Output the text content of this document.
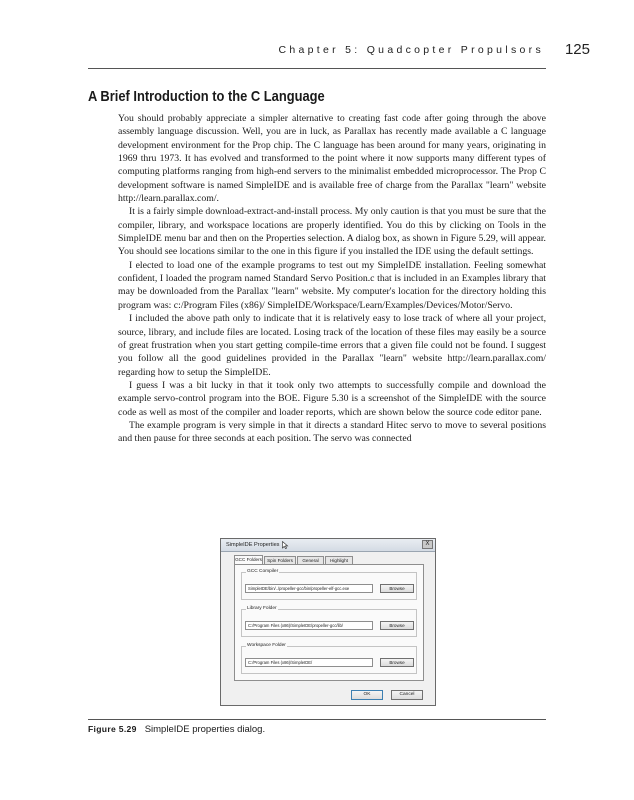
Chapter 5: Quadcopter Propulsors 125
A Brief Introduction to the C Language

You should probably appreciate a simpler alternative to creating fast code after going through the above assembly language discussion. Well, you are in luck, as Parallax has recently made available a C language development environment for the Prop chip. The C language has been around for many years, originating in 1969 thru 1973. It has evolved and transformed to the point where it now supports many different types of computing platforms ranging from high-end servers to the minimalist embedded microprocessor. The Prop C development software is named SimpleIDE and is available free of charge from the Parallax "learn" website http://learn.parallax.com/.

It is a fairly simple download-extract-and-install process. My only caution is that you must be sure that the compiler, library, and workspace locations are properly identified. You do this by clicking on Tools in the SimpleIDE menu bar and then on the Properties selection. A dialog box, as shown in Figure 5.29, will appear. You should see locations similar to the one in this figure if you installed the IDE using the default settings.

I elected to load one of the example programs to test out my SimpleIDE installation. Feeling somewhat confident, I loaded the program named Standard Servo Position.c that is included in an Examples library that may be downloaded from the Parallax "learn" website. My computer's location for the directory holding this program was: c:/Program Files (x86)/ SimpleIDE/Workspace/Learn/Examples/Devices/Motor/Servo.

I included the above path only to indicate that it is relatively easy to lose track of where all your project, source, library, and include files are located. Losing track of the location of these files may easily be a source of great frustration when you start getting compile-time errors that a given file could not be found. I suggest you follow all the good guidelines provided in the Parallax "learn" website http://learn.parallax.com/ regarding how to setup the SimpleIDE.

I guess I was a bit lucky in that it took only two attempts to successfully compile and download the example servo-control program into the BOE. Figure 5.30 is a screenshot of the SimpleIDE with the source code as well as most of the compiler and loader reports, which are shown below the source code editor pane.

The example program is very simple in that it directs a standard Hitec servo to move to several positions and then pause for three seconds at each position. The servo was connected

SimpleIDE Properties	X
GCC Folders	Spin Folders	General	Highlight
GCC Compiler
SimpleIDE/bin/../propeller-gcc/bin/propeller-elf-gcc.exe	Browse
Library Folder
C:/Program Files (x86)/SimpleIDE/propeller-gcc/lib/	Browse
Workspace Folder
C:/Program Files (x86)/SimpleIDE/	Browse
OK	Cancel
Figure 5.29 SimpleIDE properties dialog.
